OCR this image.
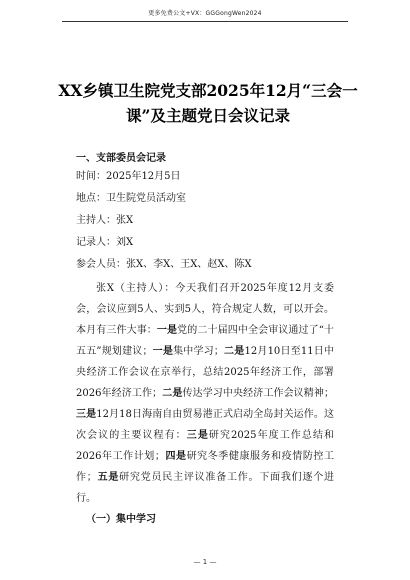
更多免费公文+VX：GGGongWen2024
XX乡镇卫生院党支部2025年12月“三会一课”及主题党日会议记录
一、支部委员会记录
时间：2025年12月5日
地点：卫生院党员活动室
主持人：张X
记录人：刘X
参会人员：张X、李X、王X、赵X、陈X
张X（主持人）：今天我们召开2025年度12月支委会，会议应到5人、实到5人，符合规定人数，可以开会。本月有三件大事：一是党的二十届四中全会审议通过了“十五五”规划建议；一是集中学习；二是12月10日至11日中央经济工作会议在京举行，总结2025年经济工作，部署2026年经济工作；二是传达学习中央经济工作会议精神；三是12月18日海南自由贸易港正式启动全岛封关运作。这次会议的主要议程有：三是研究2025年度工作总结和2026年工作计划；四是研究冬季健康服务和疫情防控工作；五是研究党员民主评议准备工作。下面我们逐个进行。
（一）集中学习
— 1 —
